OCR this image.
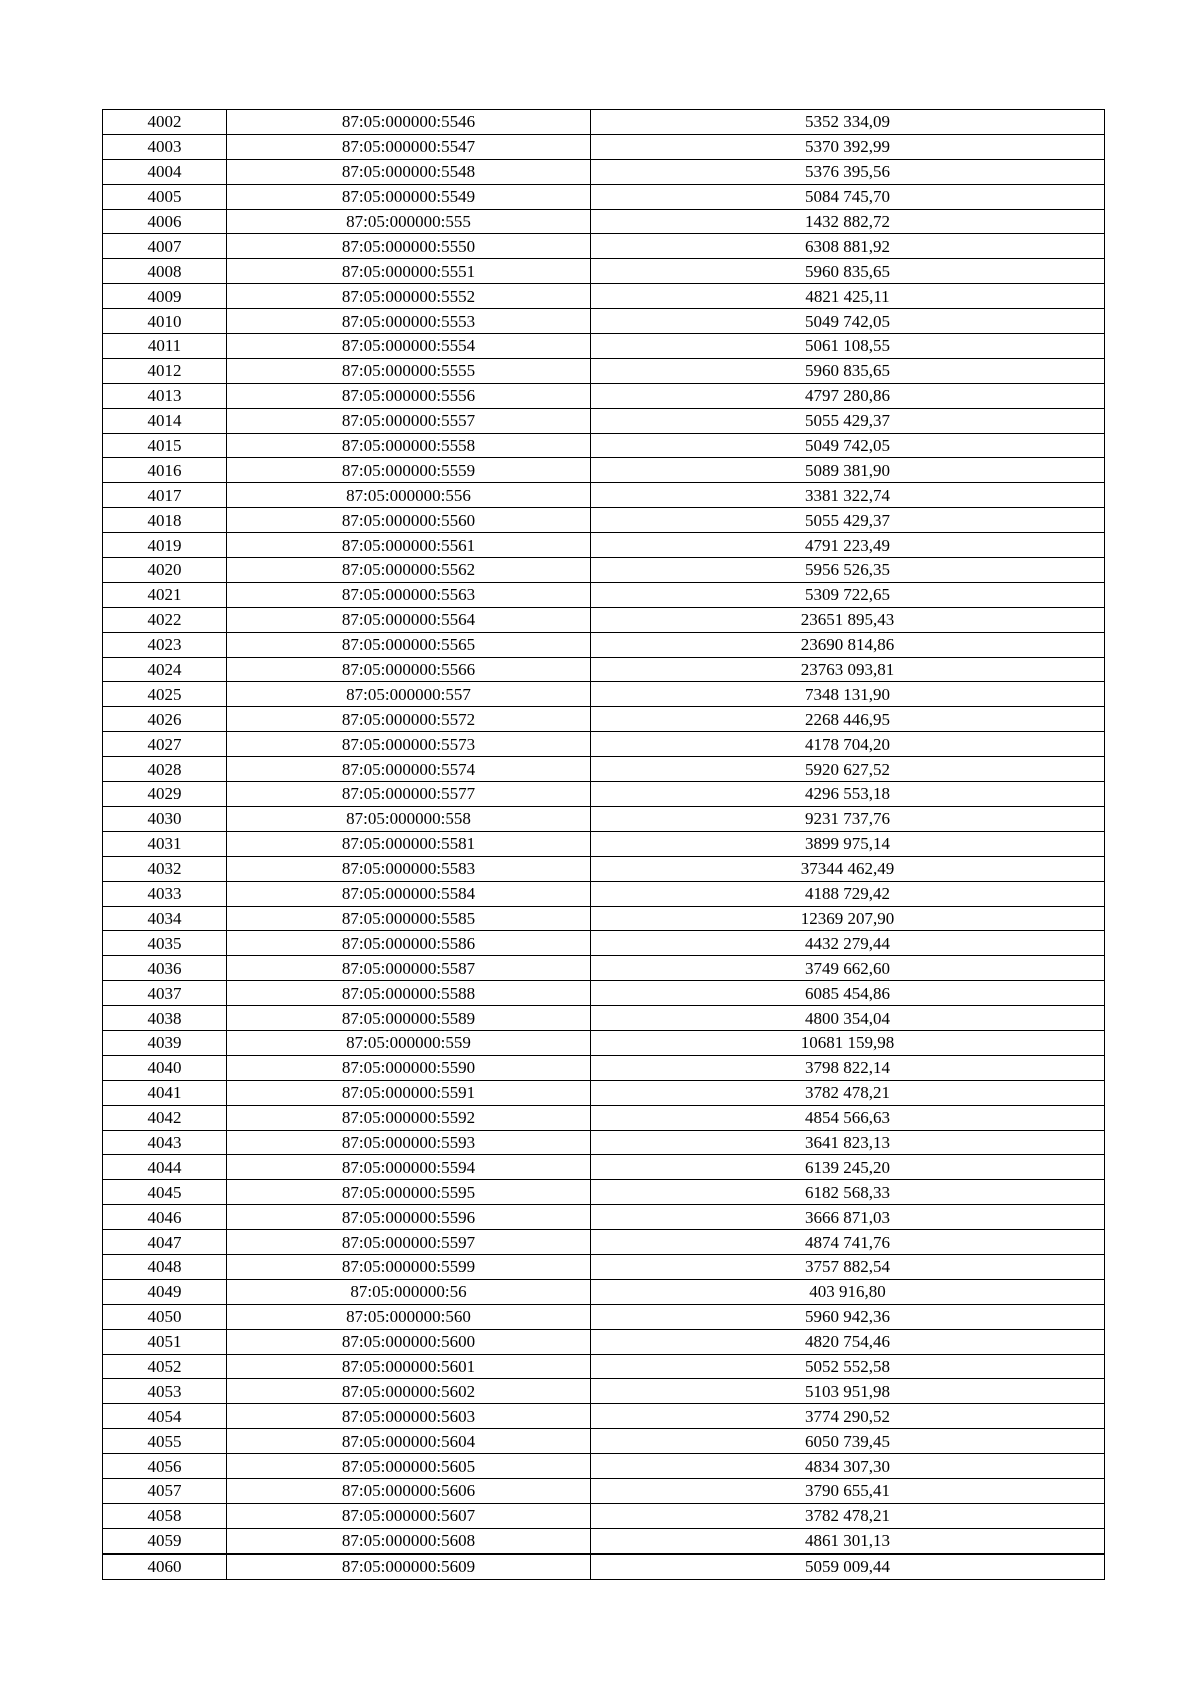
4002	87:05:000000:5546	5352 334,09
4003	87:05:000000:5547	5370 392,99
4004	87:05:000000:5548	5376 395,56
4005	87:05:000000:5549	5084 745,70
4006	87:05:000000:555	1432 882,72
4007	87:05:000000:5550	6308 881,92
4008	87:05:000000:5551	5960 835,65
4009	87:05:000000:5552	4821 425,11
4010	87:05:000000:5553	5049 742,05
4011	87:05:000000:5554	5061 108,55
4012	87:05:000000:5555	5960 835,65
4013	87:05:000000:5556	4797 280,86
4014	87:05:000000:5557	5055 429,37
4015	87:05:000000:5558	5049 742,05
4016	87:05:000000:5559	5089 381,90
4017	87:05:000000:556	3381 322,74
4018	87:05:000000:5560	5055 429,37
4019	87:05:000000:5561	4791 223,49
4020	87:05:000000:5562	5956 526,35
4021	87:05:000000:5563	5309 722,65
4022	87:05:000000:5564	23651 895,43
4023	87:05:000000:5565	23690 814,86
4024	87:05:000000:5566	23763 093,81
4025	87:05:000000:557	7348 131,90
4026	87:05:000000:5572	2268 446,95
4027	87:05:000000:5573	4178 704,20
4028	87:05:000000:5574	5920 627,52
4029	87:05:000000:5577	4296 553,18
4030	87:05:000000:558	9231 737,76
4031	87:05:000000:5581	3899 975,14
4032	87:05:000000:5583	37344 462,49
4033	87:05:000000:5584	4188 729,42
4034	87:05:000000:5585	12369 207,90
4035	87:05:000000:5586	4432 279,44
4036	87:05:000000:5587	3749 662,60
4037	87:05:000000:5588	6085 454,86
4038	87:05:000000:5589	4800 354,04
4039	87:05:000000:559	10681 159,98
4040	87:05:000000:5590	3798 822,14
4041	87:05:000000:5591	3782 478,21
4042	87:05:000000:5592	4854 566,63
4043	87:05:000000:5593	3641 823,13
4044	87:05:000000:5594	6139 245,20
4045	87:05:000000:5595	6182 568,33
4046	87:05:000000:5596	3666 871,03
4047	87:05:000000:5597	4874 741,76
4048	87:05:000000:5599	3757 882,54
4049	87:05:000000:56	403 916,80
4050	87:05:000000:560	5960 942,36
4051	87:05:000000:5600	4820 754,46
4052	87:05:000000:5601	5052 552,58
4053	87:05:000000:5602	5103 951,98
4054	87:05:000000:5603	3774 290,52
4055	87:05:000000:5604	6050 739,45
4056	87:05:000000:5605	4834 307,30
4057	87:05:000000:5606	3790 655,41
4058	87:05:000000:5607	3782 478,21
4059	87:05:000000:5608	4861 301,13
4060	87:05:000000:5609	5059 009,44
